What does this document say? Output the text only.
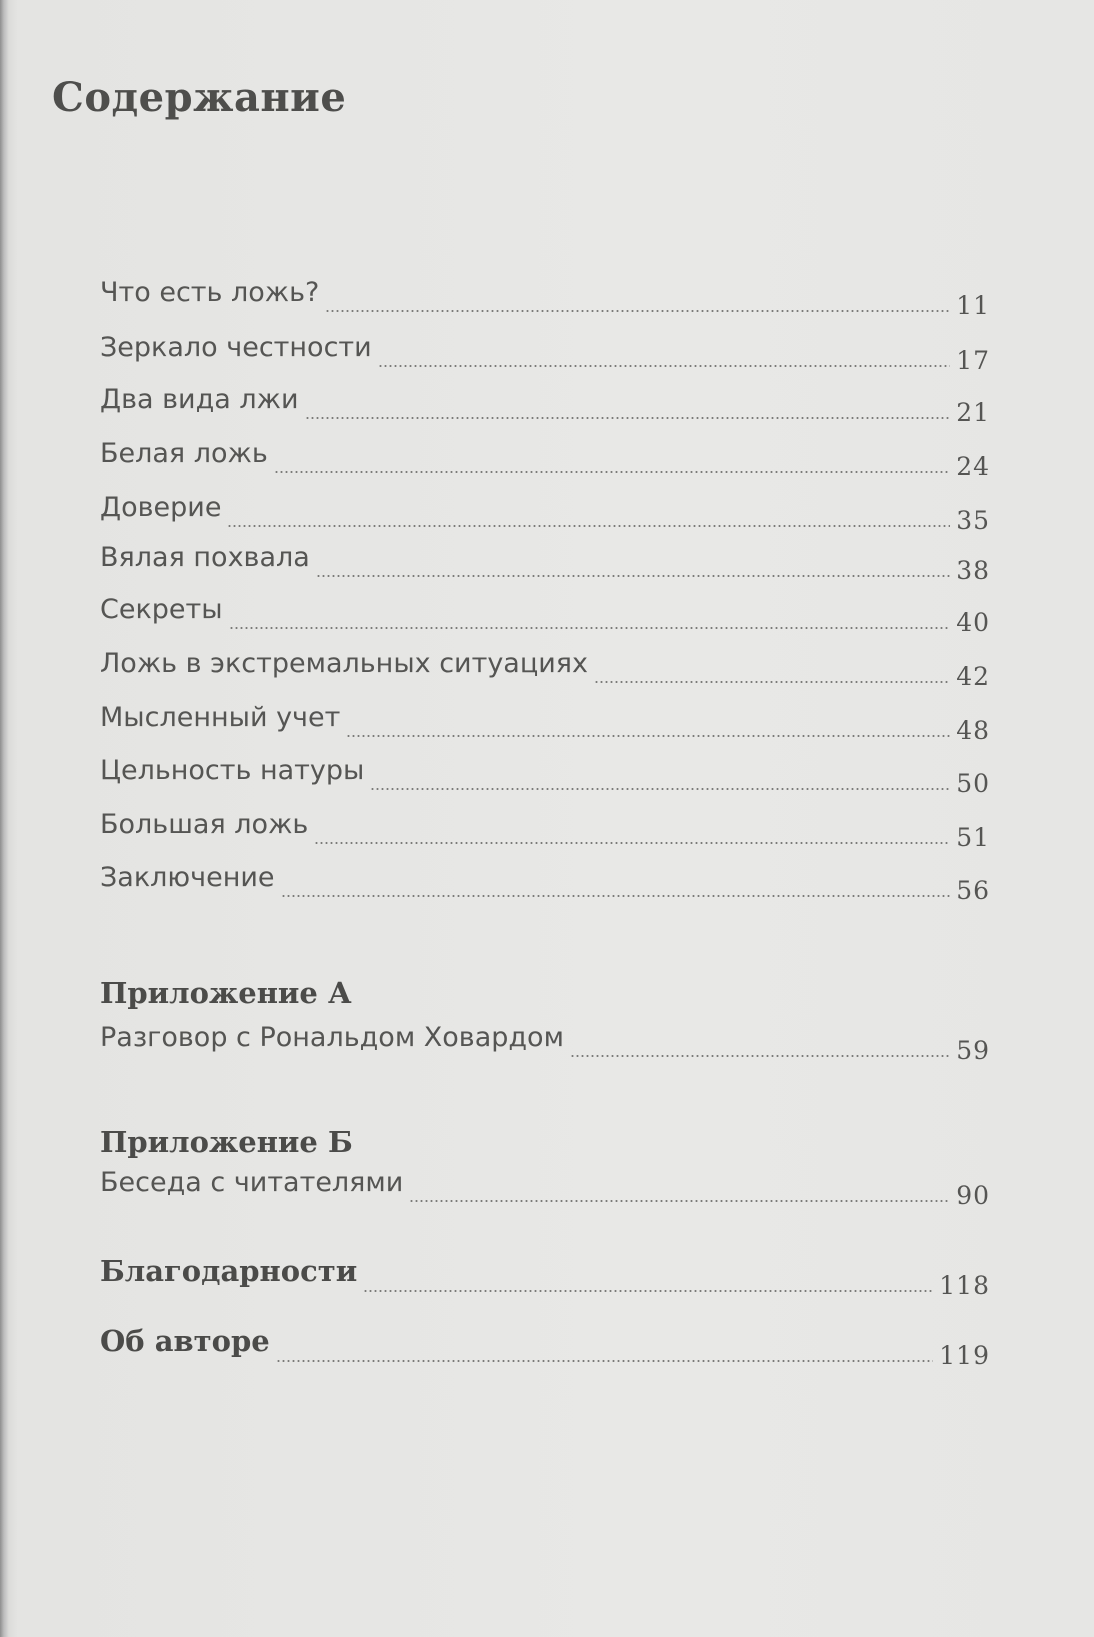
Содержание
Что есть ложь?	11
Зеркало честности	17
Два вида лжи	21
Белая ложь	24
Доверие	35
Вялая похвала	38
Секреты	40
Ложь в экстремальных ситуациях	42
Мысленный учет	48
Цельность натуры	50
Большая ложь	51
Заключение	56
Приложение А
Разговор с Рональдом Ховардом	59
Приложение Б
Беседа с читателями	90
Благодарности	118
Об авторе	119
